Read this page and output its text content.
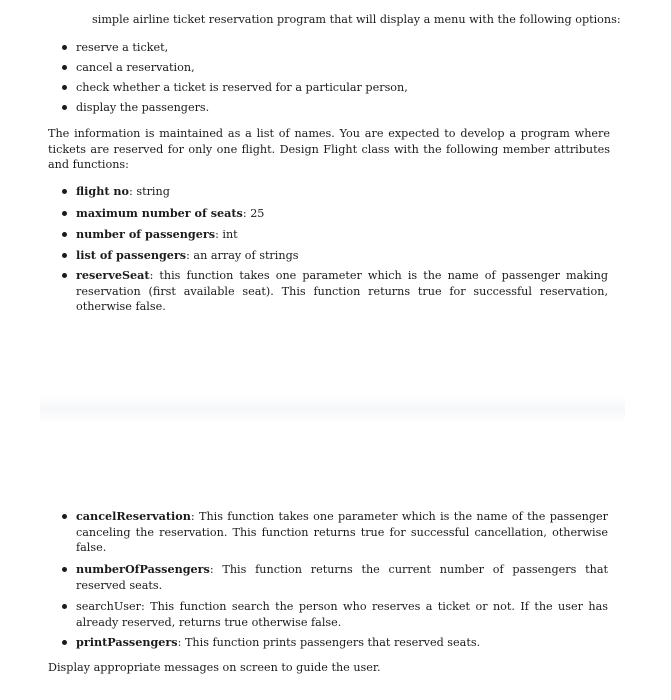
simple airline ticket reservation program that will display a menu with the following options:
reserve a ticket,
cancel a reservation,
check whether a ticket is reserved for a particular person,
display the passengers.
The information is maintained as a list of names. You are expected to develop a program where tickets are reserved for only one flight. Design Flight class with the following member attributes and functions:
flight no: string
maximum number of seats: 25
number of passengers: int
list of passengers: an array of strings
reserveSeat: this function takes one parameter which is the name of passenger making reservation (first available seat). This function returns true for successful reservation, otherwise false.
cancelReservation: This function takes one parameter which is the name of the passenger canceling the reservation. This function returns true for successful cancellation, otherwise false.
numberOfPassengers: This function returns the current number of passengers that reserved seats.
searchUser: This function search the person who reserves a ticket or not. If the user has already reserved, returns true otherwise false.
printPassengers: This function prints passengers that reserved seats.
Display appropriate messages on screen to guide the user.
